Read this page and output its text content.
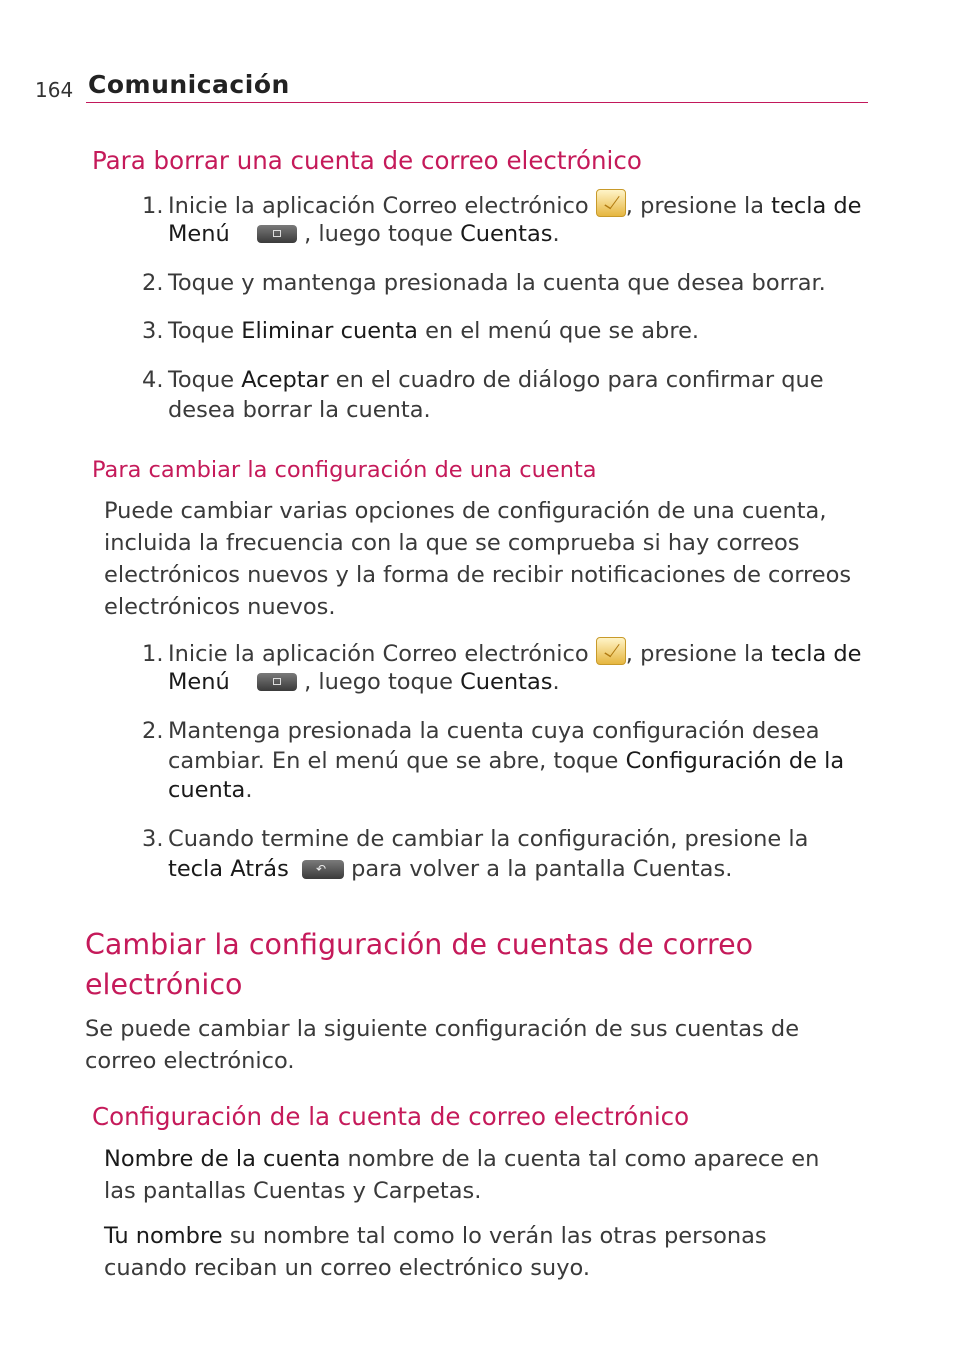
164 Comunicación
Para borrar una cuenta de correo electrónico
1. Inicie la aplicación Correo electrónico , presione la tecla de
Menú	, luego toque Cuentas.
2. Toque y mantenga presionada la cuenta que desea borrar.
3. Toque Eliminar cuenta en el menú que se abre.
4. Toque Aceptar en el cuadro de diálogo para confirmar que
desea borrar la cuenta.
Para cambiar la configuración de una cuenta
Puede cambiar varias opciones de configuración de una cuenta,
incluida la frecuencia con la que se comprueba si hay correos
electrónicos nuevos y la forma de recibir notificaciones de correos
electrónicos nuevos.
1. Inicie la aplicación Correo electrónico , presione la tecla de
Menú	, luego toque Cuentas.
2. Mantenga presionada la cuenta cuya configuración desea
cambiar. En el menú que se abre, toque Configuración de la
cuenta.
3. Cuando termine de cambiar la configuración, presione la
tecla Atrás ↶ para volver a la pantalla Cuentas.
Cambiar la configuración de cuentas de correo
electrónico
Se puede cambiar la siguiente configuración de sus cuentas de
correo electrónico.
Configuración de la cuenta de correo electrónico
Nombre de la cuenta nombre de la cuenta tal como aparece en
las pantallas Cuentas y Carpetas.
Tu nombre su nombre tal como lo verán las otras personas
cuando reciban un correo electrónico suyo.
